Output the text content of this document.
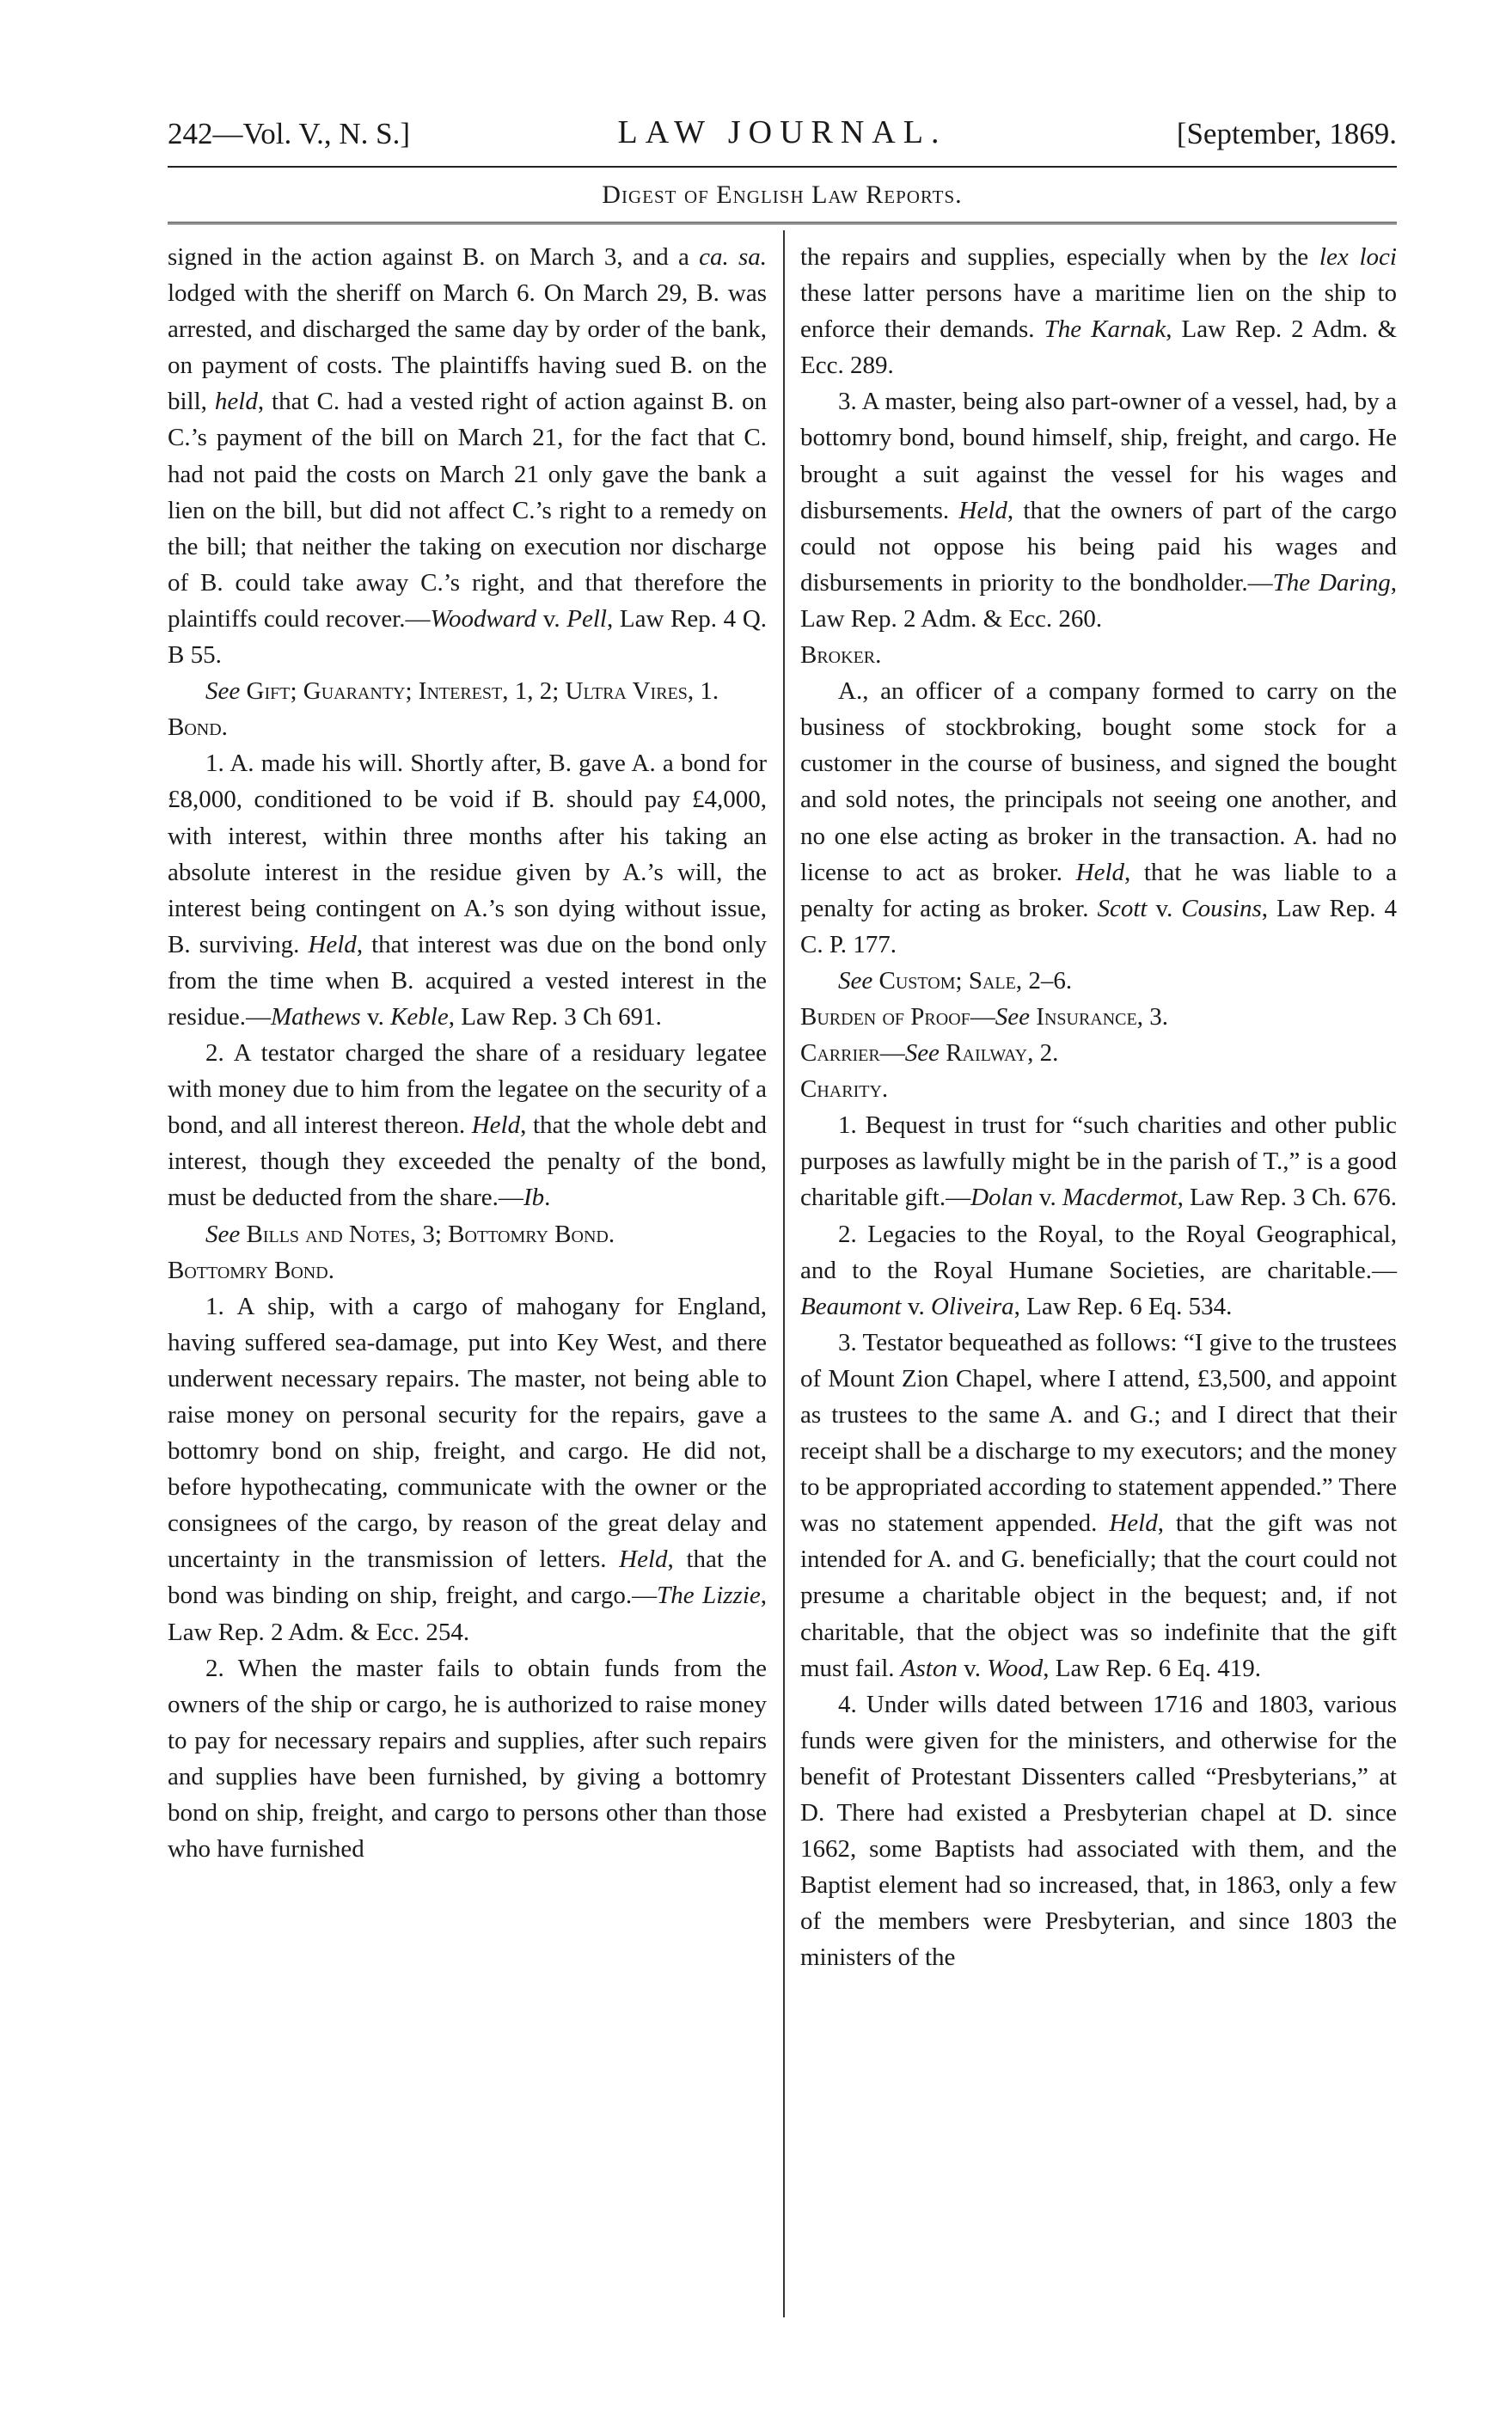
242—Vol. V., N. S.]	LAW JOURNAL.	[September, 1869.
Digest of English Law Reports.

signed in the action against B. on March 3, and a ca. sa. lodged with the sheriff on March 6. On March 29, B. was arrested, and discharged the same day by order of the bank, on payment of costs. The plaintiffs having sued B. on the bill, held, that C. had a vested right of action against B. on C.’s payment of the bill on March 21, for the fact that C. had not paid the costs on March 21 only gave the bank a lien on the bill, but did not affect C.’s right to a remedy on the bill; that neither the taking on execution nor discharge of B. could take away C.’s right, and that therefore the plaintiffs could recover.—Woodward v. Pell, Law Rep. 4 Q. B 55.

See Gift; Guaranty; Interest, 1, 2; Ultra Vires, 1.

Bond.

1. A. made his will. Shortly after, B. gave A. a bond for £8,000, conditioned to be void if B. should pay £4,000, with interest, within three months after his taking an absolute interest in the residue given by A.’s will, the interest being contingent on A.’s son dying without issue, B. surviving. Held, that interest was due on the bond only from the time when B. acquired a vested interest in the residue.—Mathews v. Keble, Law Rep. 3 Ch 691.

2. A testator charged the share of a residuary legatee with money due to him from the legatee on the security of a bond, and all interest thereon. Held, that the whole debt and interest, though they exceeded the penalty of the bond, must be deducted from the share.—Ib.

See Bills and Notes, 3; Bottomry Bond.

Bottomry Bond.

1. A ship, with a cargo of mahogany for England, having suffered sea-damage, put into Key West, and there underwent necessary repairs. The master, not being able to raise money on personal security for the repairs, gave a bottomry bond on ship, freight, and cargo. He did not, before hypothecating, communicate with the owner or the consignees of the cargo, by reason of the great delay and uncertainty in the transmission of letters. Held, that the bond was binding on ship, freight, and cargo.—The Lizzie, Law Rep. 2 Adm. & Ecc. 254.

2. When the master fails to obtain funds from the owners of the ship or cargo, he is authorized to raise money to pay for necessary repairs and supplies, after such repairs and supplies have been furnished, by giving a bottomry bond on ship, freight, and cargo to persons other than those who have furnished

the repairs and supplies, especially when by the lex loci these latter persons have a maritime lien on the ship to enforce their demands. The Karnak, Law Rep. 2 Adm. & Ecc. 289.

3. A master, being also part-owner of a vessel, had, by a bottomry bond, bound himself, ship, freight, and cargo. He brought a suit against the vessel for his wages and disbursements. Held, that the owners of part of the cargo could not oppose his being paid his wages and disbursements in priority to the bondholder.—The Daring, Law Rep. 2 Adm. & Ecc. 260.

Broker.

A., an officer of a company formed to carry on the business of stockbroking, bought some stock for a customer in the course of business, and signed the bought and sold notes, the principals not seeing one another, and no one else acting as broker in the transaction. A. had no license to act as broker. Held, that he was liable to a penalty for acting as broker. Scott v. Cousins, Law Rep. 4 C. P. 177.

See Custom; Sale, 2–6.

Burden of Proof—See Insurance, 3.

Carrier—See Railway, 2.

Charity.

1. Bequest in trust for “such charities and other public purposes as lawfully might be in the parish of T.,” is a good charitable gift.—Dolan v. Macdermot, Law Rep. 3 Ch. 676.

2. Legacies to the Royal, to the Royal Geographical, and to the Royal Humane Societies, are charitable.—Beaumont v. Oliveira, Law Rep. 6 Eq. 534.

3. Testator bequeathed as follows: “I give to the trustees of Mount Zion Chapel, where I attend, £3,500, and appoint as trustees to the same A. and G.; and I direct that their receipt shall be a discharge to my executors; and the money to be appropriated according to statement appended.” There was no statement appended. Held, that the gift was not intended for A. and G. beneficially; that the court could not presume a charitable object in the bequest; and, if not charitable, that the object was so indefinite that the gift must fail. Aston v. Wood, Law Rep. 6 Eq. 419.

4. Under wills dated between 1716 and 1803, various funds were given for the ministers, and otherwise for the benefit of Protestant Dissenters called “Presbyterians,” at D. There had existed a Presbyterian chapel at D. since 1662, some Baptists had associated with them, and the Baptist element had so increased, that, in 1863, only a few of the members were Presbyterian, and since 1803 the ministers of the
